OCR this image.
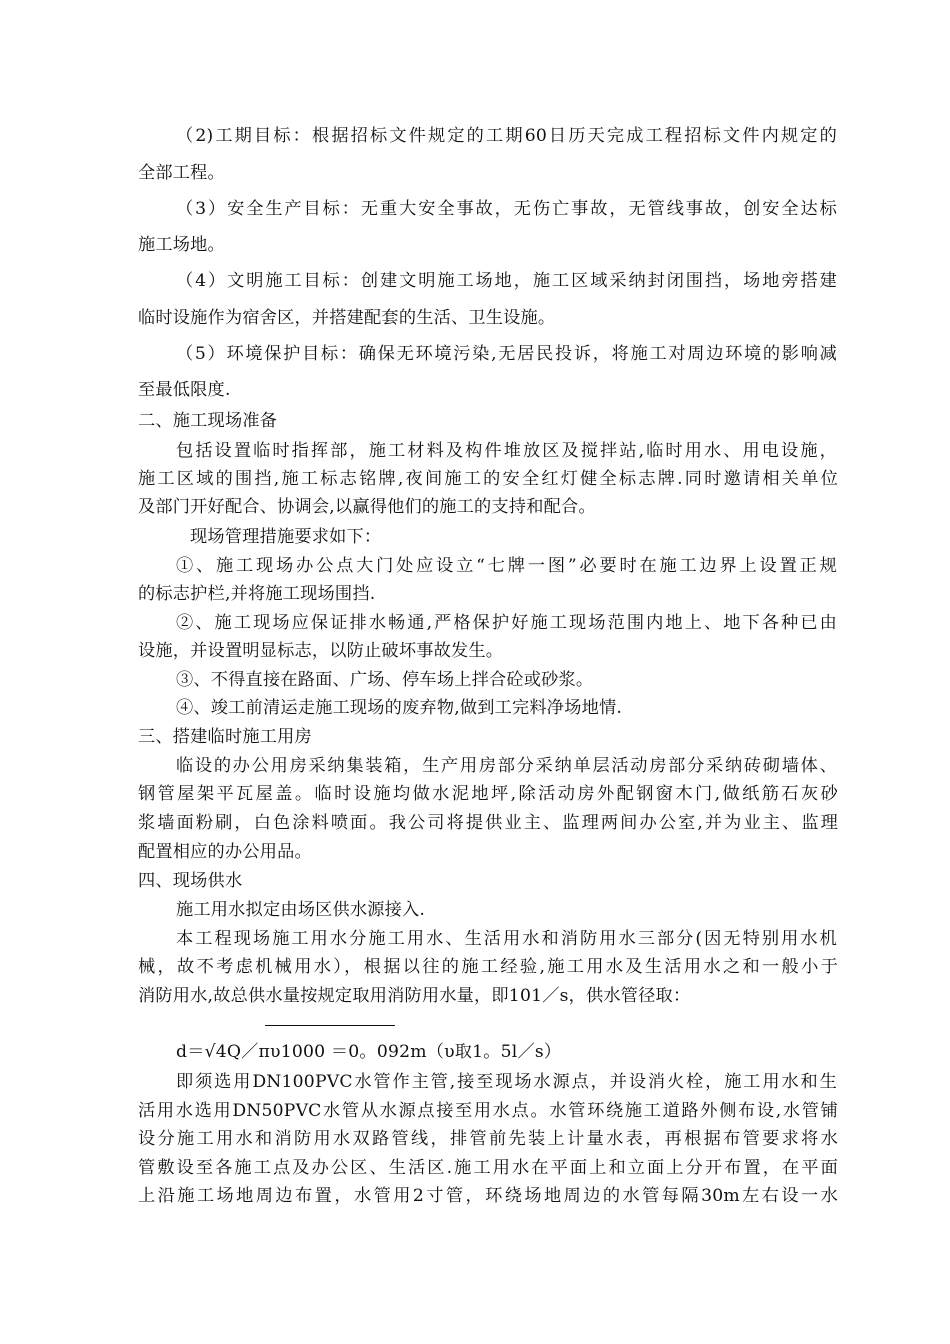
（2)工期目标：根据招标文件规定的工期60日历天完成工程招标文件内规定的
全部工程。
（3）安全生产目标：无重大安全事故，无伤亡事故，无管线事故，创安全达标
施工场地。
（4）文明施工目标：创建文明施工场地，施工区域采纳封闭围挡，场地旁搭建
临时设施作为宿舍区，并搭建配套的生活、卫生设施。
（5）环境保护目标：确保无环境污染,无居民投诉，将施工对周边环境的影响减
至最低限度.
二、施工现场准备
包括设置临时指挥部，施工材料及构件堆放区及搅拌站,临时用水、用电设施，
施工区域的围挡,施工标志铭牌,夜间施工的安全红灯健全标志牌.同时邀请相关单位
及部门开好配合、协调会,以赢得他们的施工的支持和配合。
现场管理措施要求如下：
①、施工现场办公点大门处应设立“七牌一图”必要时在施工边界上设置正规
的标志护栏,并将施工现场围挡.
②、施工现场应保证排水畅通,严格保护好施工现场范围内地上、地下各种已由
设施，并设置明显标志，以防止破坏事故发生。
③、不得直接在路面、广场、停车场上拌合砼或砂浆。
④、竣工前清运走施工现场的废弃物,做到工完料净场地情.
三、搭建临时施工用房
临设的办公用房采纳集装箱，生产用房部分采纳单层活动房部分采纳砖砌墙体、
钢管屋架平瓦屋盖。临时设施均做水泥地坪,除活动房外配钢窗木门,做纸筋石灰砂
浆墙面粉刷，白色涂料喷面。我公司将提供业主、监理两间办公室,并为业主、监理
配置相应的办公用品。
四、现场供水
施工用水拟定由场区供水源接入.
本工程现场施工用水分施工用水、生活用水和消防用水三部分(因无特别用水机
械，故不考虑机械用水），根据以往的施工经验,施工用水及生活用水之和一般小于
消防用水,故总供水量按规定取用消防用水量，即101／s，供水管径取：
d＝√4Q／πυ1000 ＝0。092m（υ取1。5l／s）
即须选用DN100PVC水管作主管,接至现场水源点，并设消火栓，施工用水和生
活用水选用DN50PVC水管从水源点接至用水点。水管环绕施工道路外侧布设,水管铺
设分施工用水和消防用水双路管线，排管前先装上计量水表，再根据布管要求将水
管敷设至各施工点及办公区、生活区.施工用水在平面上和立面上分开布置，在平面
上沿施工场地周边布置，水管用2寸管，环绕场地周边的水管每隔30m左右设一水
